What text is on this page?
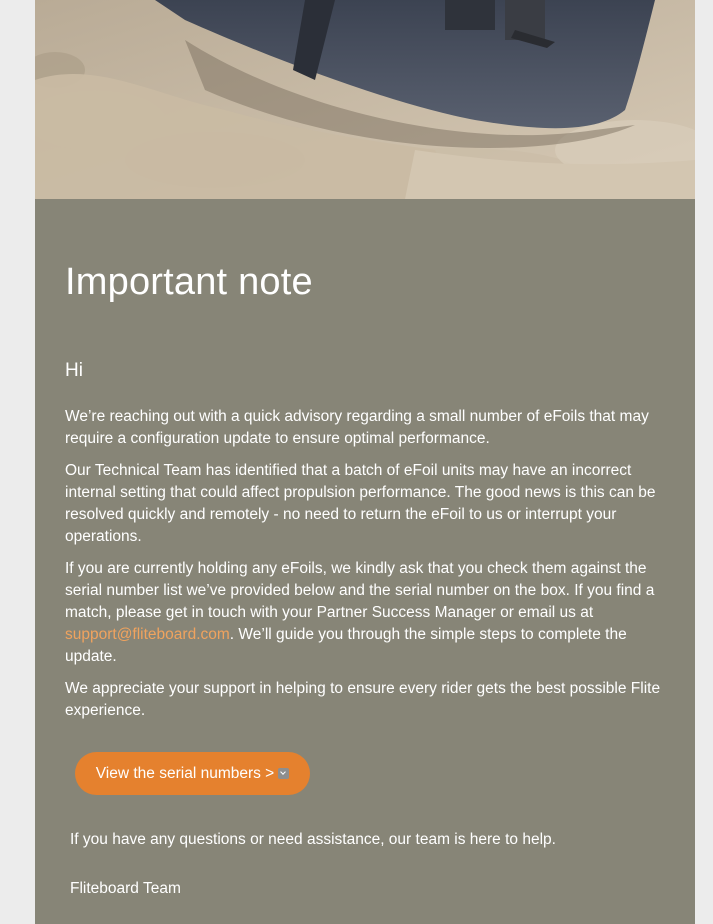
Important note

Hi

We’re reaching out with a quick advisory regarding a small number of eFoils that may require a configuration update to ensure optimal performance.

Our Technical Team has identified that a batch of eFoil units may have an incorrect internal setting that could affect propulsion performance. The good news is this can be resolved quickly and remotely - no need to return the eFoil to us or interrupt your operations.

If you are currently holding any eFoils, we kindly ask that you check them against the serial number list we’ve provided below and the serial number on the box. If you find a match, please get in touch with your Partner Success Manager or email us at support@fliteboard.com. We’ll guide you through the simple steps to complete the update.

We appreciate your support in helping to ensure every rider gets the best possible Flite experience.

View the serial numbers >

If you have any questions or need assistance, our team is here to help.

Fliteboard Team
